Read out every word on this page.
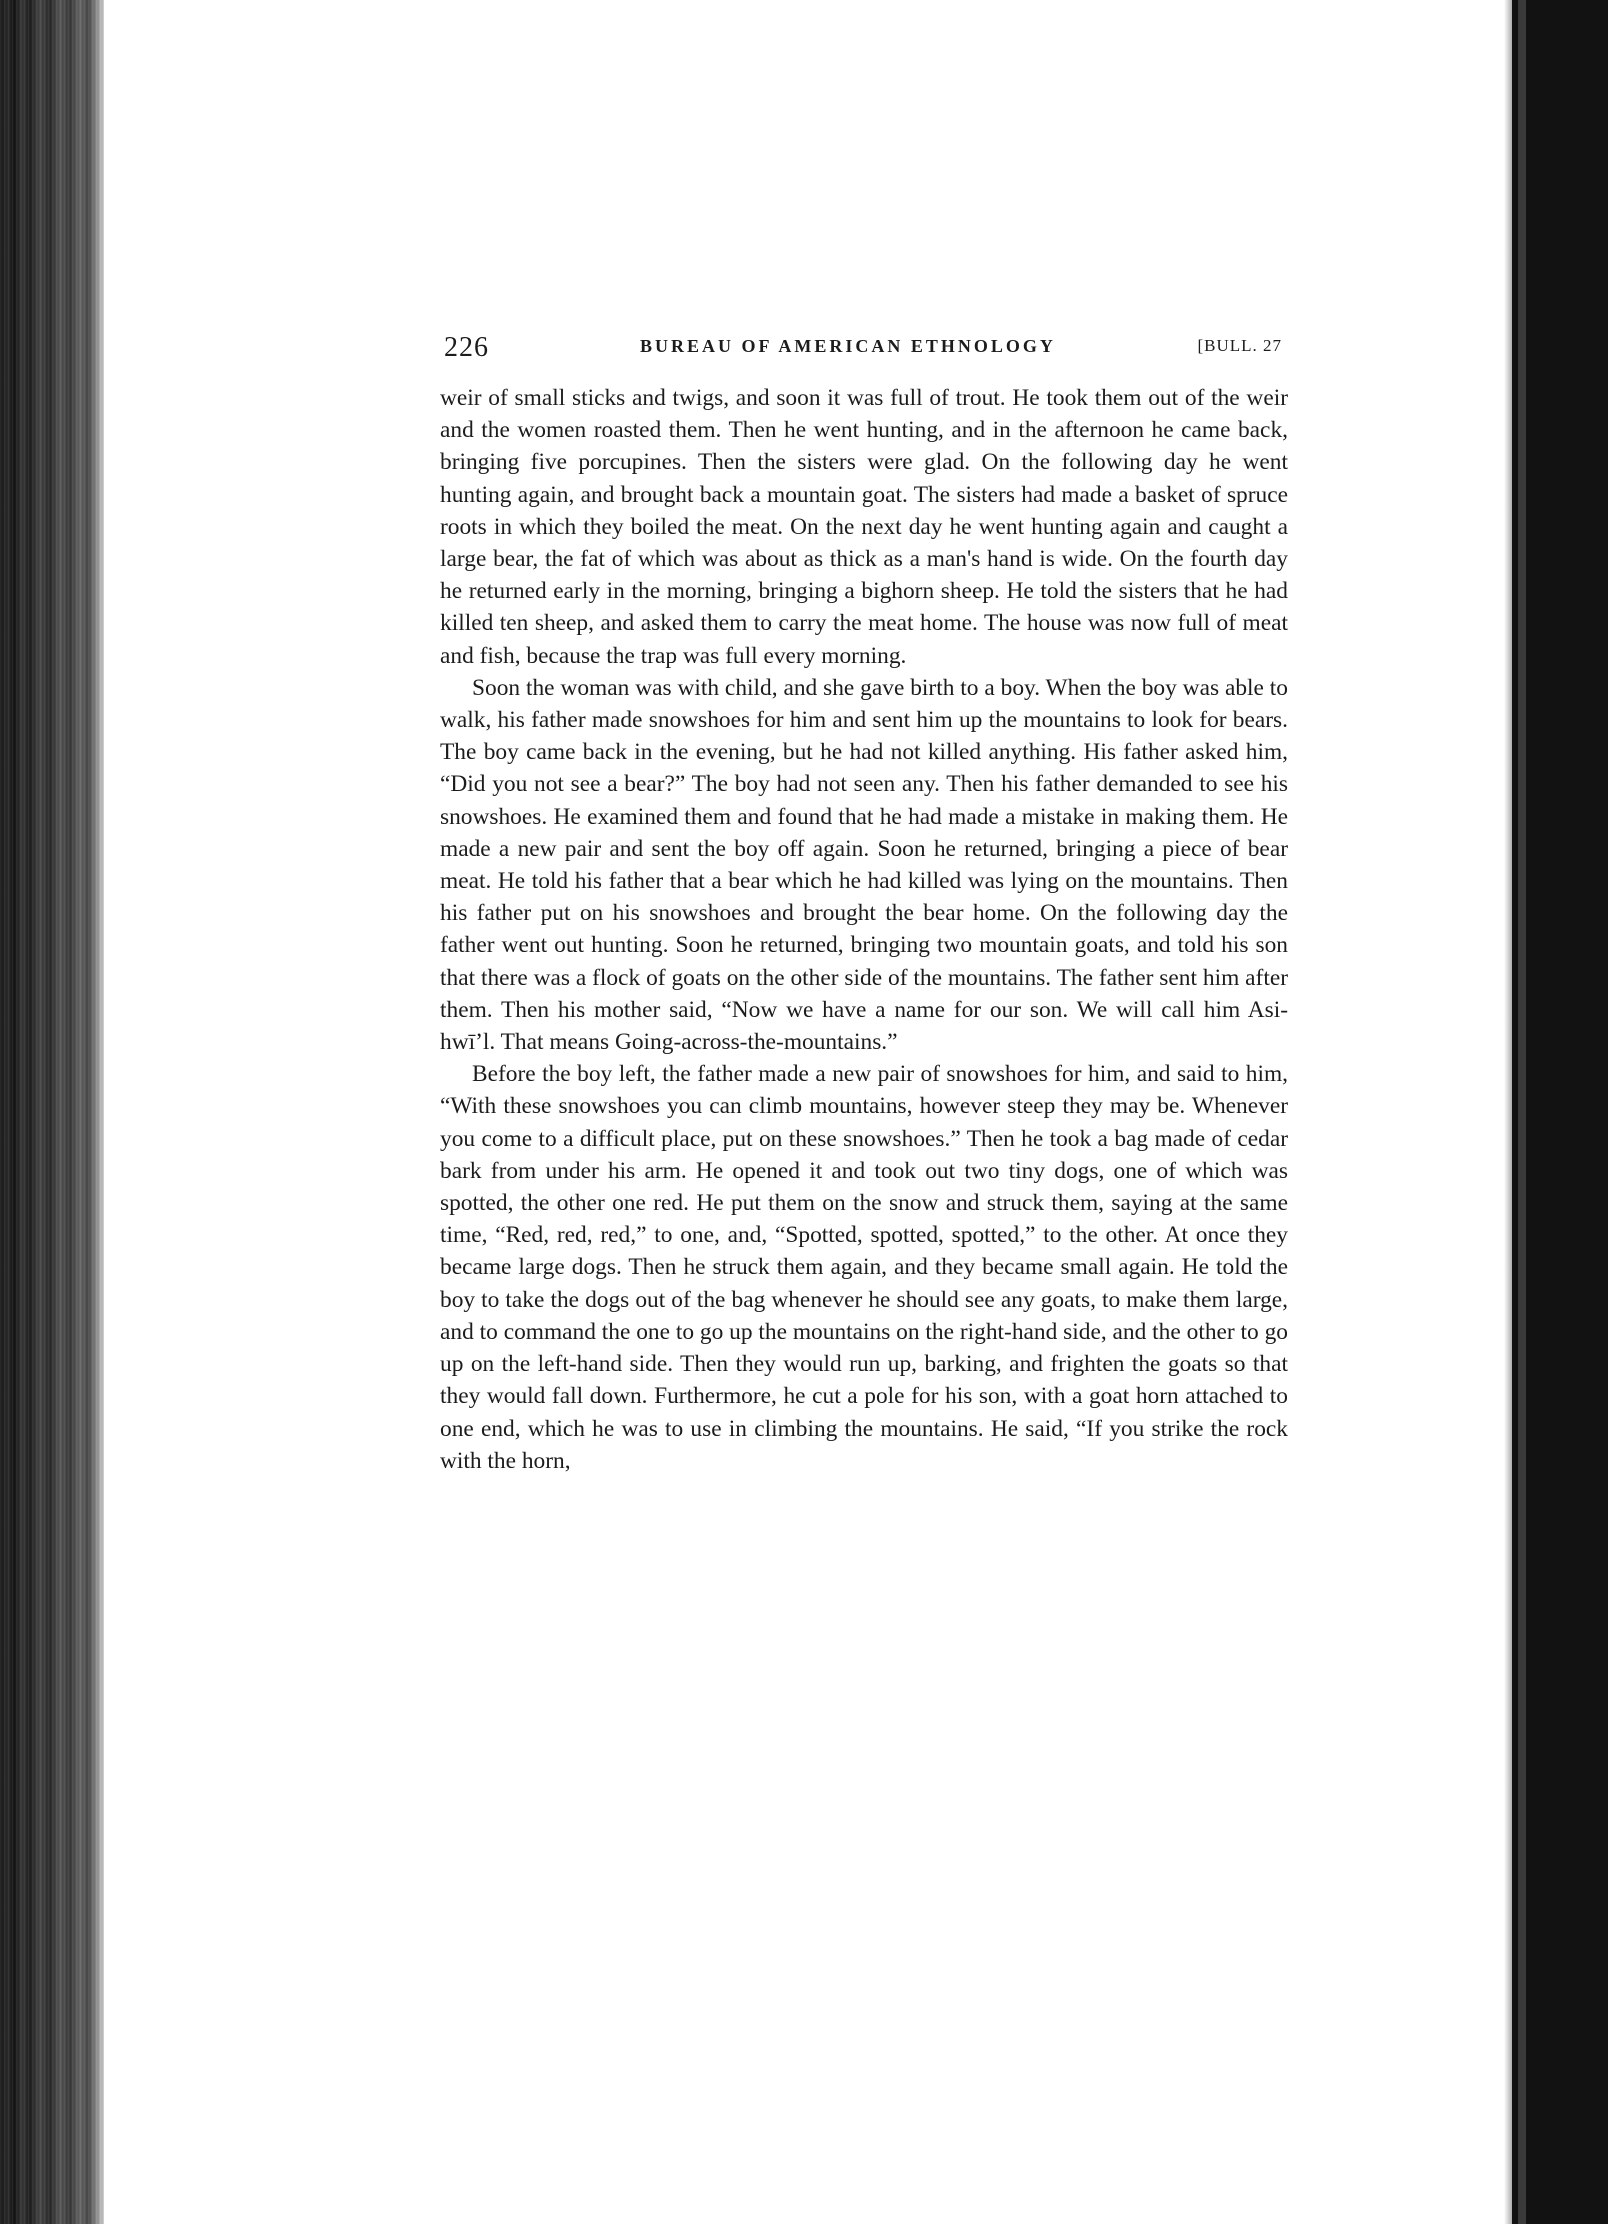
226	BUREAU OF AMERICAN ETHNOLOGY	[BULL. 27

weir of small sticks and twigs, and soon it was full of trout. He took them out of the weir and the women roasted them. Then he went hunting, and in the afternoon he came back, bringing five porcupines. Then the sisters were glad. On the following day he went hunting again, and brought back a mountain goat. The sisters had made a basket of spruce roots in which they boiled the meat. On the next day he went hunting again and caught a large bear, the fat of which was about as thick as a man's hand is wide. On the fourth day he returned early in the morning, bringing a bighorn sheep. He told the sisters that he had killed ten sheep, and asked them to carry the meat home. The house was now full of meat and fish, because the trap was full every morning.

Soon the woman was with child, and she gave birth to a boy. When the boy was able to walk, his father made snowshoes for him and sent him up the mountains to look for bears. The boy came back in the evening, but he had not killed anything. His father asked him, “Did you not see a bear?” The boy had not seen any. Then his father demanded to see his snowshoes. He examined them and found that he had made a mistake in making them. He made a new pair and sent the boy off again. Soon he returned, bringing a piece of bear meat. He told his father that a bear which he had killed was lying on the mountains. Then his father put on his snowshoes and brought the bear home. On the following day the father went out hunting. Soon he returned, bringing two mountain goats, and told his son that there was a flock of goats on the other side of the mountains. The father sent him after them. Then his mother said, “Now we have a name for our son. We will call him Asi-hwīʼl. That means Going-across-the-mountains.”

Before the boy left, the father made a new pair of snowshoes for him, and said to him, “With these snowshoes you can climb mountains, however steep they may be. Whenever you come to a difficult place, put on these snowshoes.” Then he took a bag made of cedar bark from under his arm. He opened it and took out two tiny dogs, one of which was spotted, the other one red. He put them on the snow and struck them, saying at the same time, “Red, red, red,” to one, and, “Spotted, spotted, spotted,” to the other. At once they became large dogs. Then he struck them again, and they became small again. He told the boy to take the dogs out of the bag whenever he should see any goats, to make them large, and to command the one to go up the mountains on the right-hand side, and the other to go up on the left-hand side. Then they would run up, barking, and frighten the goats so that they would fall down. Furthermore, he cut a pole for his son, with a goat horn attached to one end, which he was to use in climbing the mountains. He said, “If you strike the rock with the horn,
